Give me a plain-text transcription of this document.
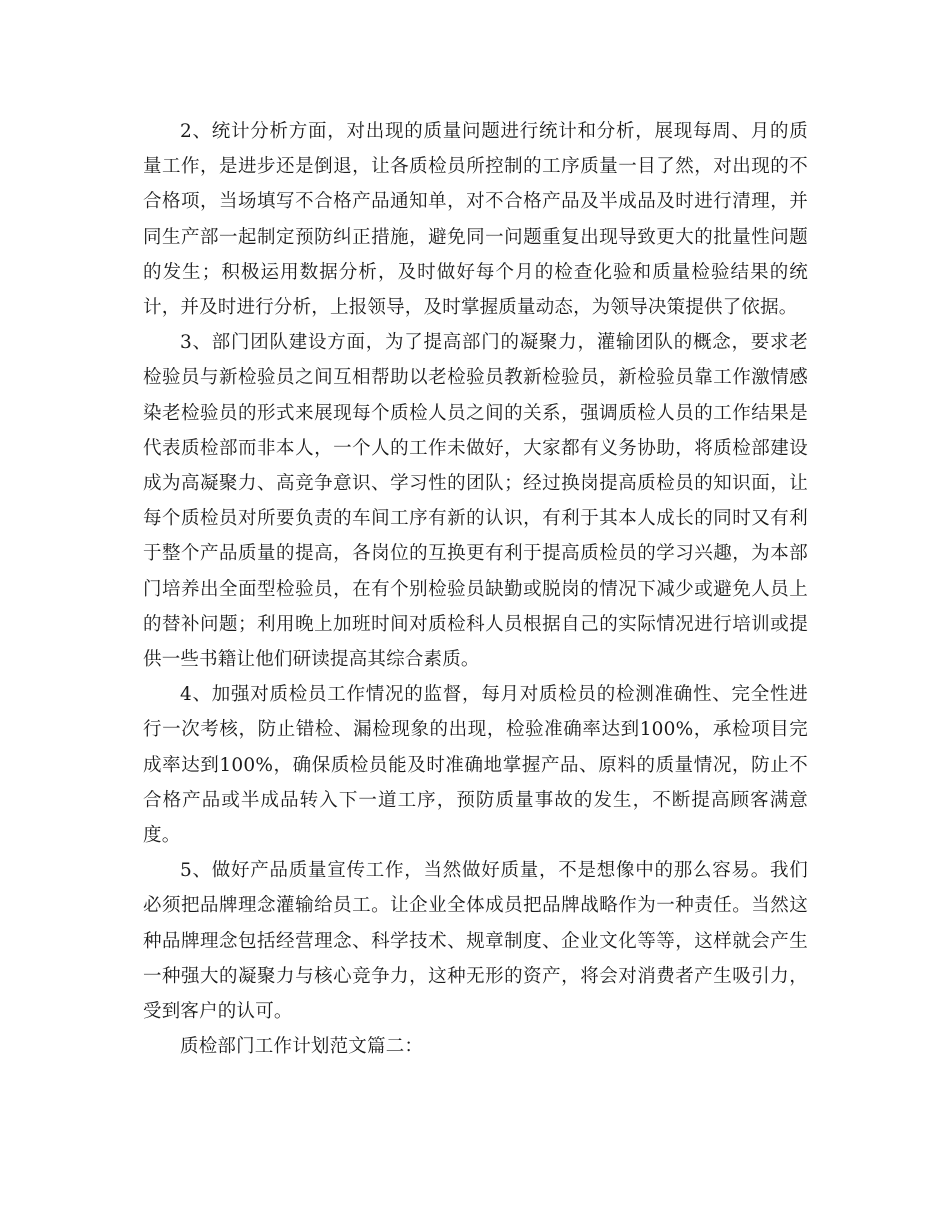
2、统计分析方面，对出现的质量问题进行统计和分析，展现每周、月的质量工作，是进步还是倒退，让各质检员所控制的工序质量一目了然，对出现的不合格项，当场填写不合格产品通知单，对不合格产品及半成品及时进行清理，并同生产部一起制定预防纠正措施，避免同一问题重复出现导致更大的批量性问题的发生；积极运用数据分析，及时做好每个月的检查化验和质量检验结果的统计，并及时进行分析，上报领导，及时掌握质量动态，为领导决策提供了依据。

3、部门团队建设方面，为了提高部门的凝聚力，灌输团队的概念，要求老检验员与新检验员之间互相帮助以老检验员教新检验员，新检验员靠工作激情感染老检验员的形式来展现每个质检人员之间的关系，强调质检人员的工作结果是代表质检部而非本人，一个人的工作未做好，大家都有义务协助，将质检部建设成为高凝聚力、高竞争意识、学习性的团队；经过换岗提高质检员的知识面，让每个质检员对所要负责的车间工序有新的认识，有利于其本人成长的同时又有利于整个产品质量的提高，各岗位的互换更有利于提高质检员的学习兴趣，为本部门培养出全面型检验员，在有个别检验员缺勤或脱岗的情况下减少或避免人员上的替补问题；利用晚上加班时间对质检科人员根据自己的实际情况进行培训或提供一些书籍让他们研读提高其综合素质。

4、加强对质检员工作情况的监督，每月对质检员的检测准确性、完全性进行一次考核，防止错检、漏检现象的出现，检验准确率达到100%，承检项目完成率达到100%，确保质检员能及时准确地掌握产品、原料的质量情况，防止不合格产品或半成品转入下一道工序，预防质量事故的发生，不断提高顾客满意度。

5、做好产品质量宣传工作，当然做好质量，不是想像中的那么容易。我们必须把品牌理念灌输给员工。让企业全体成员把品牌战略作为一种责任。当然这种品牌理念包括经营理念、科学技术、规章制度、企业文化等等，这样就会产生一种强大的凝聚力与核心竞争力，这种无形的资产，将会对消费者产生吸引力，受到客户的认可。

质检部门工作计划范文篇二：
